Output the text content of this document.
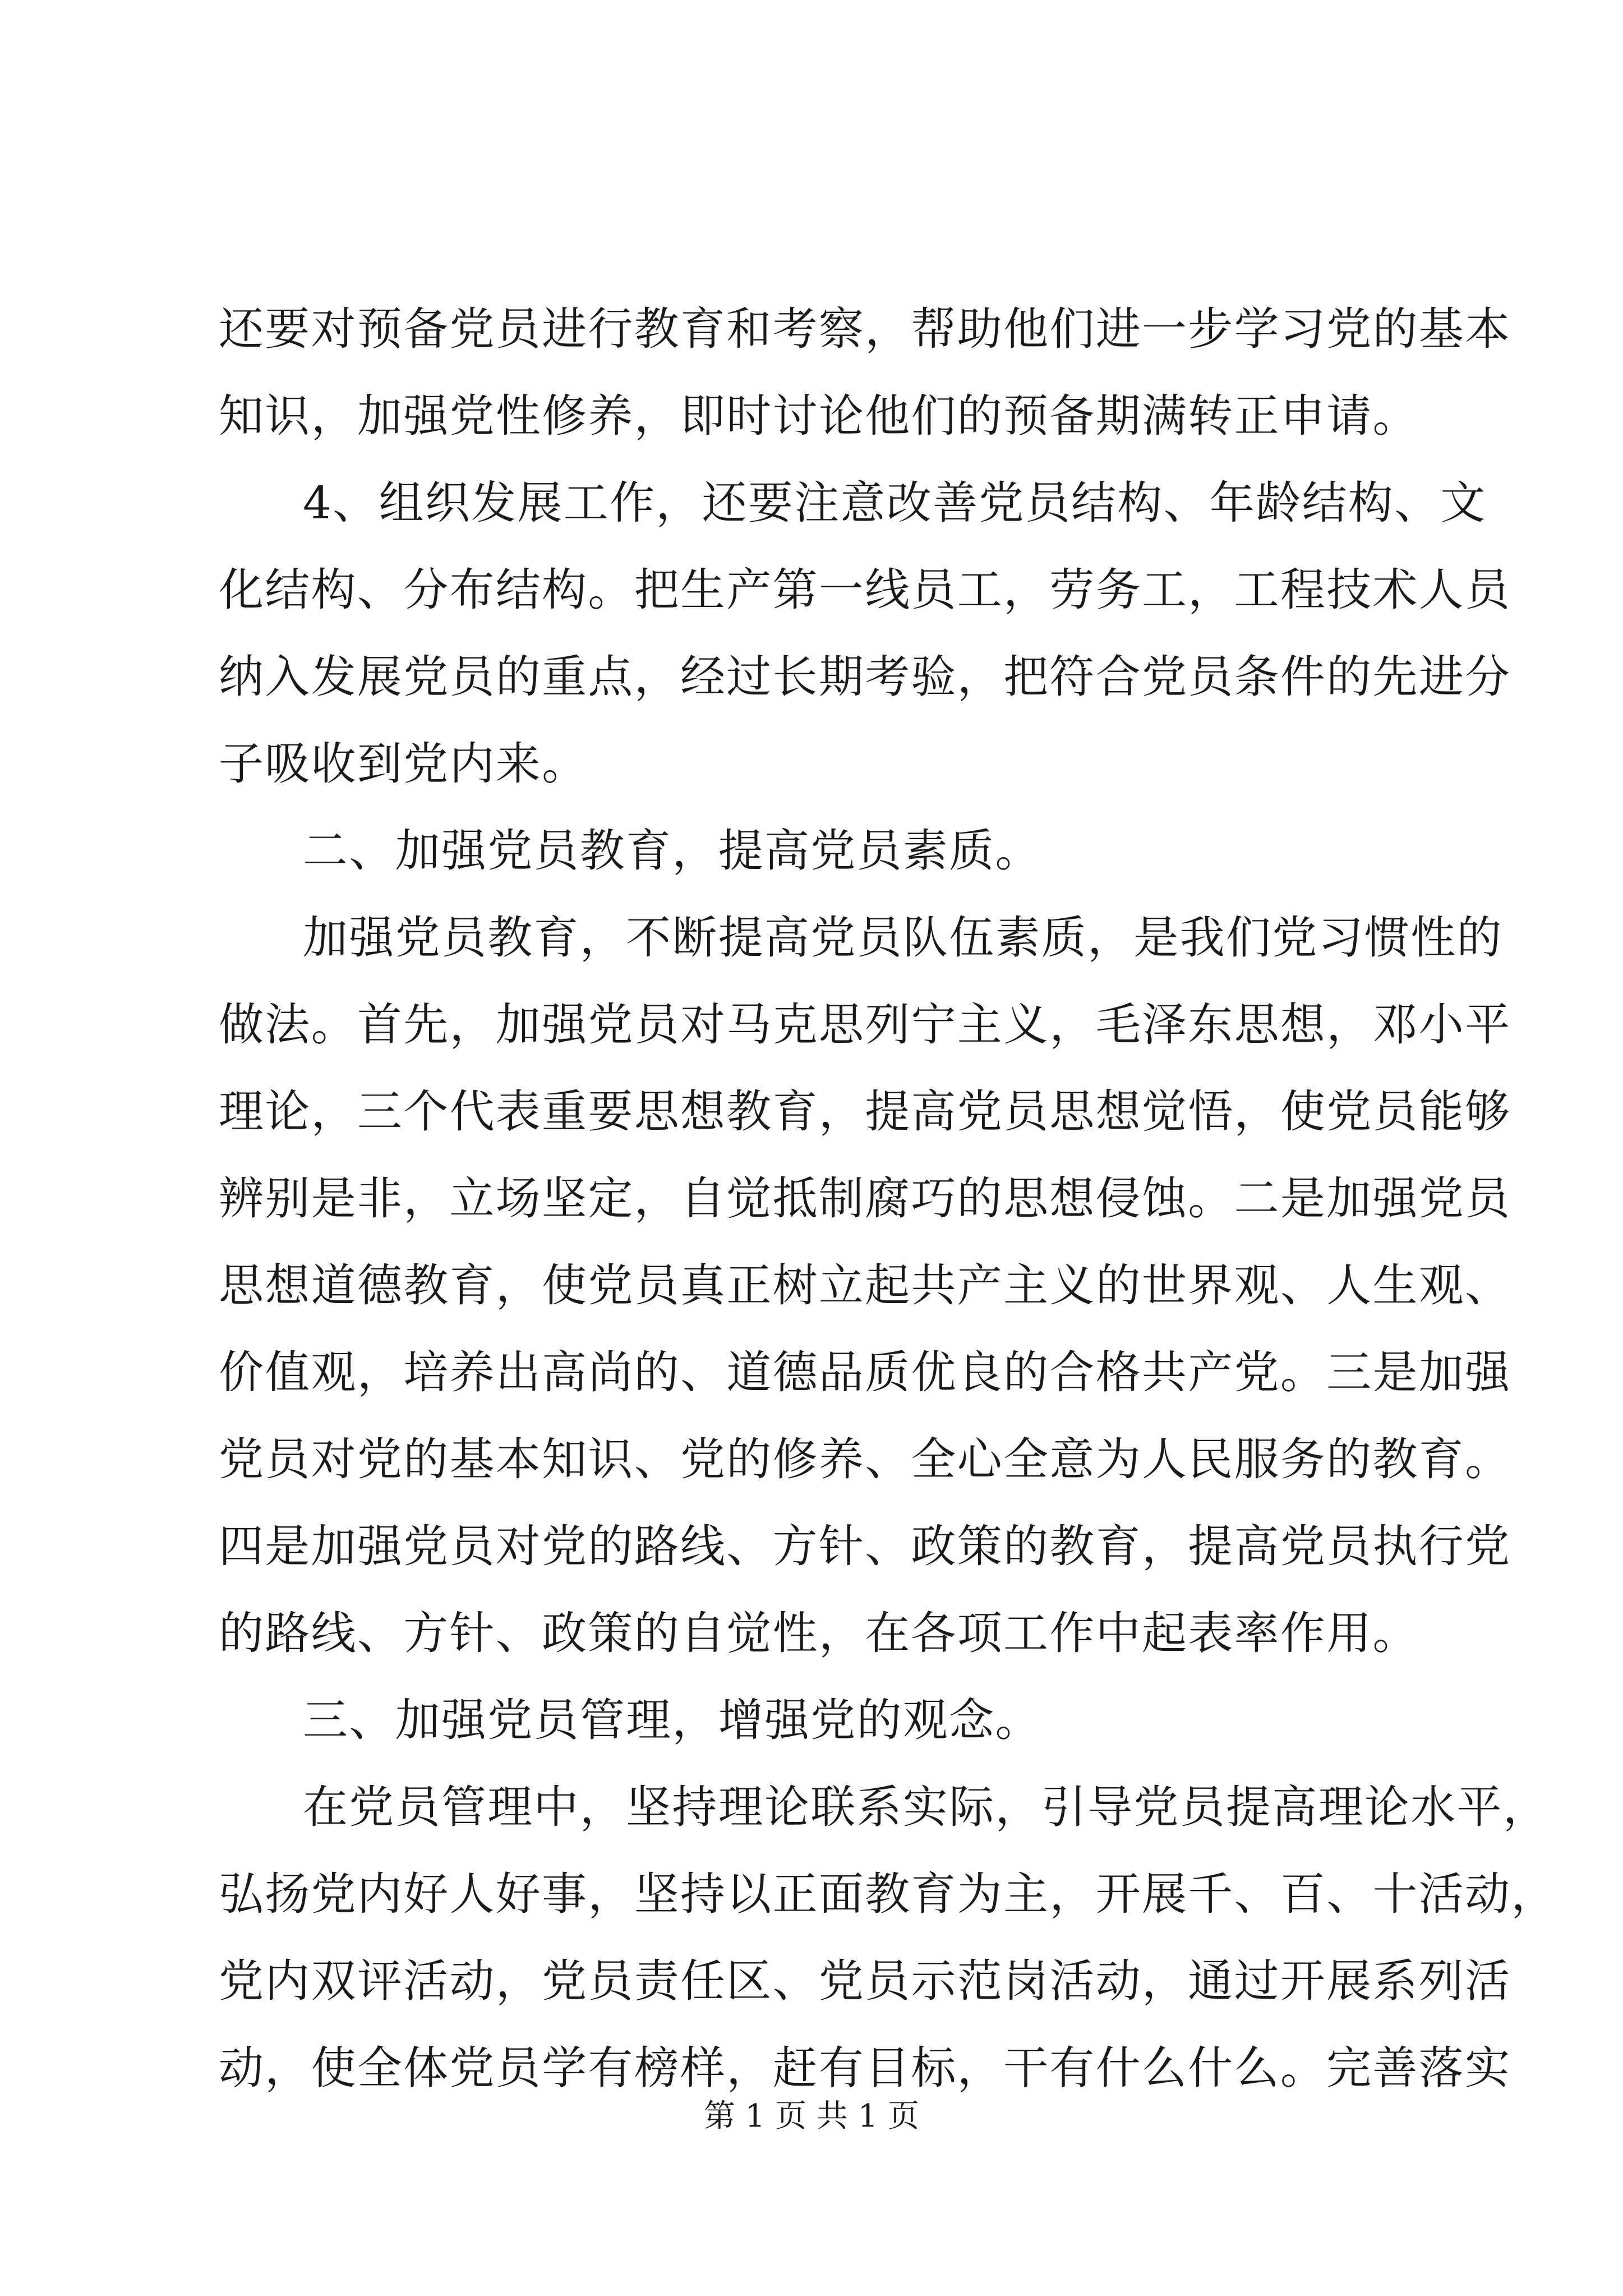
还要对预备党员进行教育和考察，帮助他们进一步学习党的基本
知识，加强党性修养，即时讨论他们的预备期满转正申请。
4、组织发展工作，还要注意改善党员结构、年龄结构、文
化结构、分布结构。把生产第一线员工，劳务工，工程技术人员
纳入发展党员的重点，经过长期考验，把符合党员条件的先进分
子吸收到党内来。
二、加强党员教育，提高党员素质。
加强党员教育，不断提高党员队伍素质，是我们党习惯性的
做法。首先，加强党员对马克思列宁主义，毛泽东思想，邓小平
理论，三个代表重要思想教育，提高党员思想觉悟，使党员能够
辨别是非，立场坚定，自觉抵制腐巧的思想侵蚀。二是加强党员
思想道德教育，使党员真正树立起共产主义的世界观、人生观、
价值观，培养出高尚的、道德品质优良的合格共产党。三是加强
党员对党的基本知识、党的修养、全心全意为人民服务的教育。
四是加强党员对党的路线、方针、政策的教育，提高党员执行党
的路线、方针、政策的自觉性，在各项工作中起表率作用。
三、加强党员管理，增强党的观念。
在党员管理中，坚持理论联系实际，引导党员提高理论水平，
弘扬党内好人好事，坚持以正面教育为主，开展千、百、十活动，
党内双评活动，党员责任区、党员示范岗活动，通过开展系列活
动，使全体党员学有榜样，赶有目标，干有什么什么。完善落实
第 1 页 共 1 页
